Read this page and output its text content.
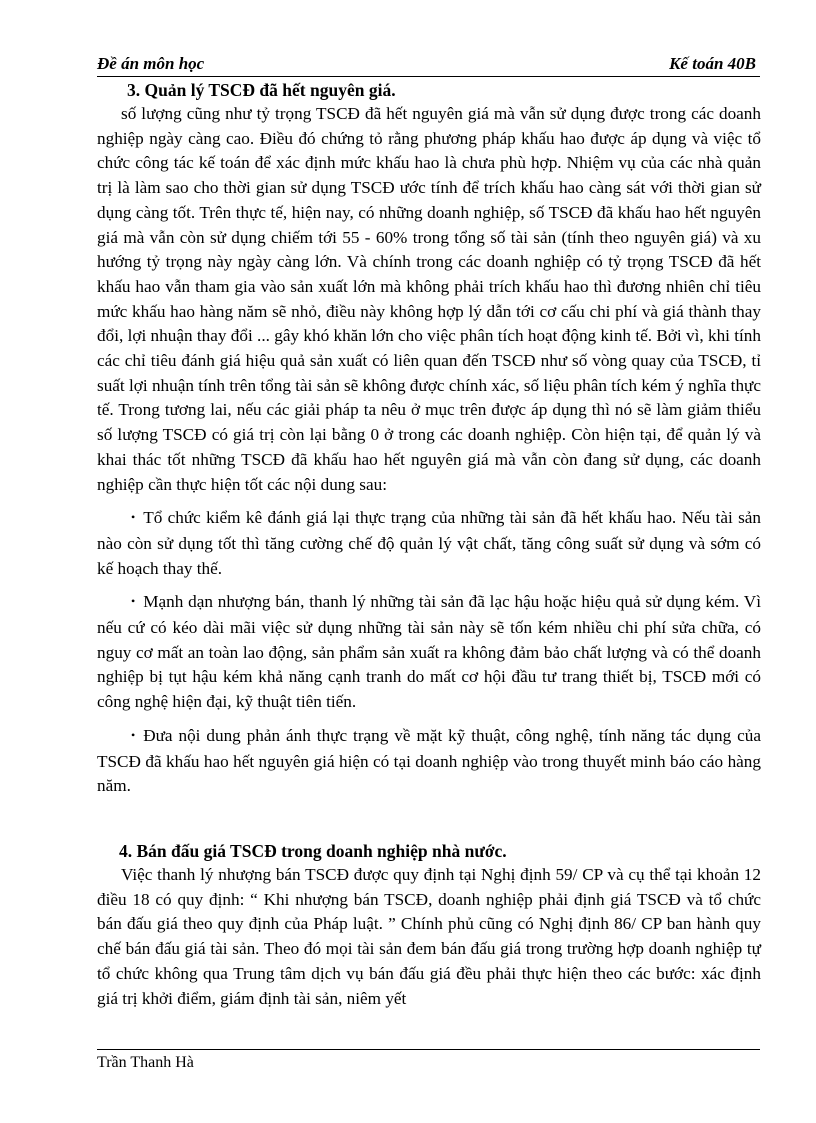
Đề án môn học	Kế toán 40B
3. Quản lý TSCĐ đã hết nguyên giá.

số lượng cũng như tỷ trọng TSCĐ đã hết nguyên giá mà vẫn sử dụng được trong các doanh nghiệp ngày càng cao. Điều đó chứng tỏ rằng phương pháp khấu hao được áp dụng và việc tổ chức công tác kế toán để xác định mức khấu hao là chưa phù hợp. Nhiệm vụ của các nhà quản trị là làm sao cho thời gian sử dụng TSCĐ ước tính để trích khấu hao càng sát với thời gian sử dụng càng tốt. Trên thực tế, hiện nay, có những doanh nghiệp, số TSCĐ đã khấu hao hết nguyên giá mà vẫn còn sử dụng chiếm tới 55 - 60% trong tổng số tài sản (tính theo nguyên giá) và xu hướng tỷ trọng này ngày càng lớn. Và chính trong các doanh nghiệp có tỷ trọng TSCĐ đã hết khấu hao vẫn tham gia vào sản xuất lớn mà không phải trích khấu hao thì đương nhiên chỉ tiêu mức khấu hao hàng năm sẽ nhỏ, điều này không hợp lý dẫn tới cơ cấu chi phí và giá thành thay đổi, lợi nhuận thay đổi ... gây khó khăn lớn cho việc phân tích hoạt động kinh tế. Bởi vì, khi tính các chỉ tiêu đánh giá hiệu quả sản xuất có liên quan đến TSCĐ như số vòng quay của TSCĐ, tỉ suất lợi nhuận tính trên tổng tài sản sẽ không được chính xác, số liệu phân tích kém ý nghĩa thực tế. Trong tương lai, nếu các giải pháp ta nêu ở mục trên được áp dụng thì nó sẽ làm giảm thiểu số lượng TSCĐ có giá trị còn lại bằng 0 ở trong các doanh nghiệp. Còn hiện tại, để quản lý và khai thác tốt những TSCĐ đã khấu hao hết nguyên giá mà vẫn còn đang sử dụng, các doanh nghiệp cần thực hiện tốt các nội dung sau:

• Tổ chức kiểm kê đánh giá lại thực trạng của những tài sản đã hết khấu hao. Nếu tài sản nào còn sử dụng tốt thì tăng cường chế độ quản lý vật chất, tăng công suất sử dụng và sớm có kế hoạch thay thế.

• Mạnh dạn nhượng bán, thanh lý những tài sản đã lạc hậu hoặc hiệu quả sử dụng kém. Vì nếu cứ có kéo dài mãi việc sử dụng những tài sản này sẽ tốn kém nhiều chi phí sửa chữa, có nguy cơ mất an toàn lao động, sản phẩm sản xuất ra không đảm bảo chất lượng và có thể doanh nghiệp bị tụt hậu kém khả năng cạnh tranh do mất cơ hội đầu tư trang thiết bị, TSCĐ mới có công nghệ hiện đại, kỹ thuật tiên tiến.

• Đưa nội dung phản ánh thực trạng về mặt kỹ thuật, công nghệ, tính năng tác dụng của TSCĐ đã khấu hao hết nguyên giá hiện có tại doanh nghiệp vào trong thuyết minh báo cáo hàng năm.

4. Bán đấu giá TSCĐ trong doanh nghiệp nhà nước.

Việc thanh lý nhượng bán TSCĐ được quy định tại Nghị định 59/ CP và cụ thể tại khoản 12 điều 18 có quy định: “ Khi nhượng bán TSCĐ, doanh nghiệp phải định giá TSCĐ và tổ chức bán đấu giá theo quy định của Pháp luật. ” Chính phủ cũng có Nghị định 86/ CP ban hành quy chế bán đấu giá tài sản. Theo đó mọi tài sản đem bán đấu giá trong trường hợp doanh nghiệp tự tổ chức không qua Trung tâm dịch vụ bán đấu giá đều phải thực hiện theo các bước: xác định giá trị khởi điểm, giám định tài sản, niêm yết

Trần Thanh Hà
